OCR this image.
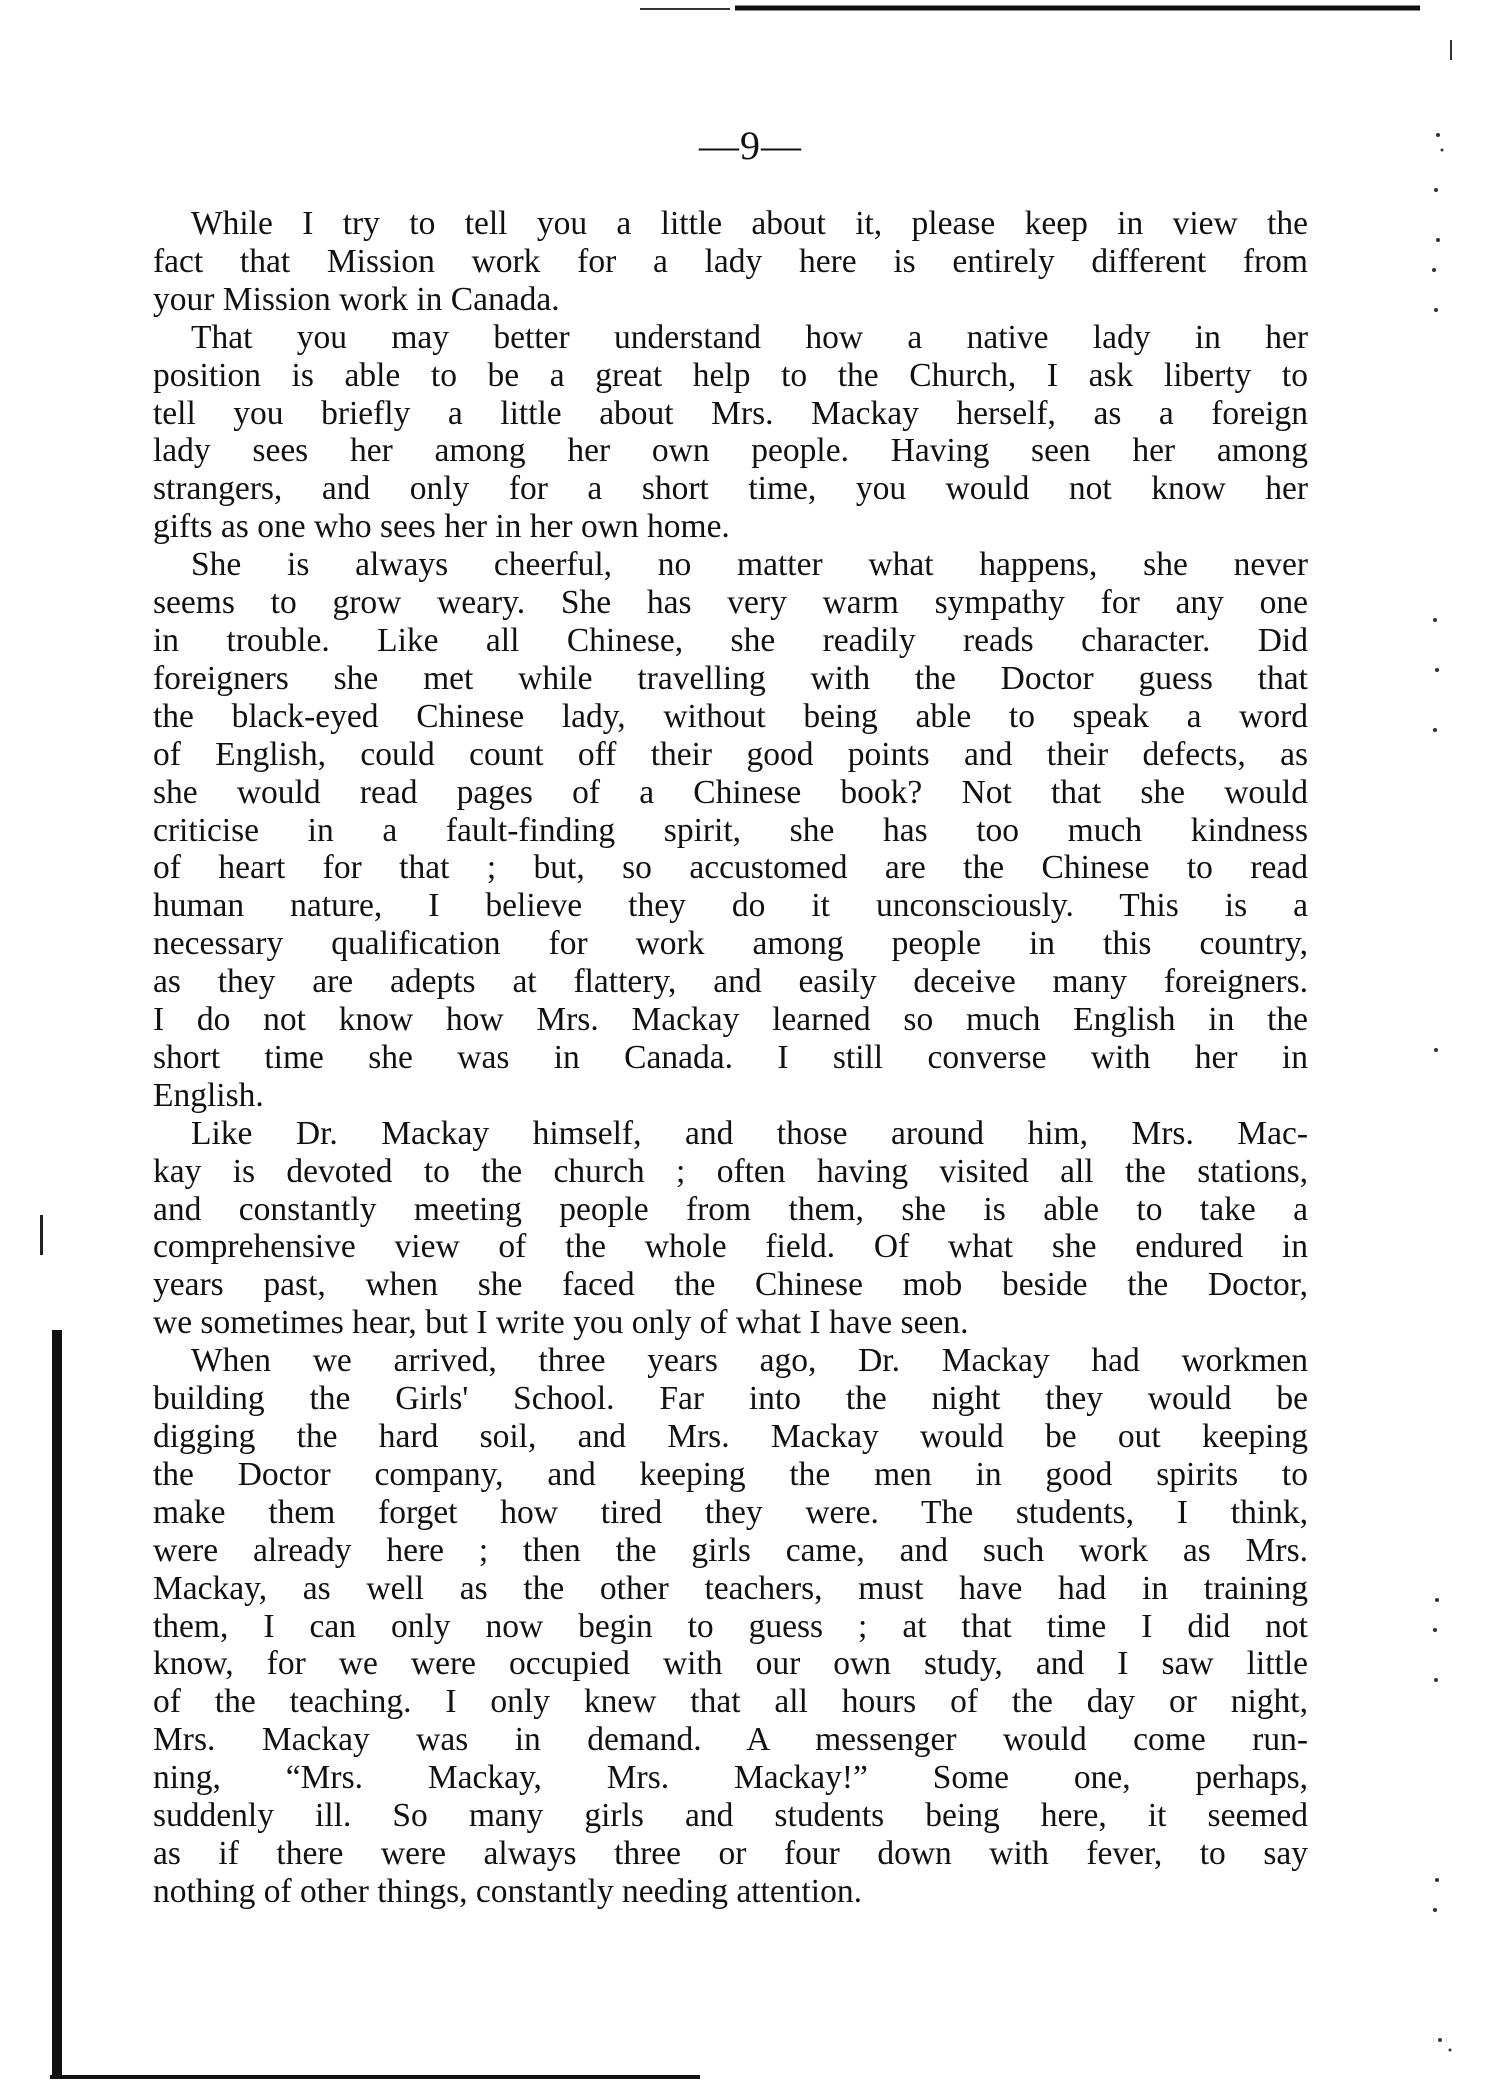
—9—

While I try to tell you a little about it, please keep in view the
fact that Mission work for a lady here is entirely different from
your Mission work in Canada.

That you may better understand how a native lady in her
position is able to be a great help to the Church, I ask liberty to
tell you briefly a little about Mrs. Mackay herself, as a foreign
lady sees her among her own people. Having seen her among
strangers, and only for a short time, you would not know her
gifts as one who sees her in her own home.

She is always cheerful, no matter what happens, she never
seems to grow weary. She has very warm sympathy for any one
in trouble. Like all Chinese, she readily reads character. Did
foreigners she met while travelling with the Doctor guess that
the black-eyed Chinese lady, without being able to speak a word
of English, could count off their good points and their defects, as
she would read pages of a Chinese book? Not that she would
criticise in a fault-finding spirit, she has too much kindness
of heart for that ; but, so accustomed are the Chinese to read
human nature, I believe they do it unconsciously. This is a
necessary qualification for work among people in this country,
as they are adepts at flattery, and easily deceive many foreigners.
I do not know how Mrs. Mackay learned so much English in the
short time she was in Canada. I still converse with her in
English.

Like Dr. Mackay himself, and those around him, Mrs. Mac-
kay is devoted to the church ; often having visited all the stations,
and constantly meeting people from them, she is able to take a
comprehensive view of the whole field. Of what she endured in
years past, when she faced the Chinese mob beside the Doctor,
we sometimes hear, but I write you only of what I have seen.

When we arrived, three years ago, Dr. Mackay had workmen
building the Girls' School. Far into the night they would be
digging the hard soil, and Mrs. Mackay would be out keeping
the Doctor company, and keeping the men in good spirits to
make them forget how tired they were. The students, I think,
were already here ; then the girls came, and such work as Mrs.
Mackay, as well as the other teachers, must have had in training
them, I can only now begin to guess ; at that time I did not
know, for we were occupied with our own study, and I saw little
of the teaching. I only knew that all hours of the day or night,
Mrs. Mackay was in demand. A messenger would come run-
ning, “Mrs. Mackay, Mrs. Mackay!” Some one, perhaps,
suddenly ill. So many girls and students being here, it seemed
as if there were always three or four down with fever, to say
nothing of other things, constantly needing attention.
